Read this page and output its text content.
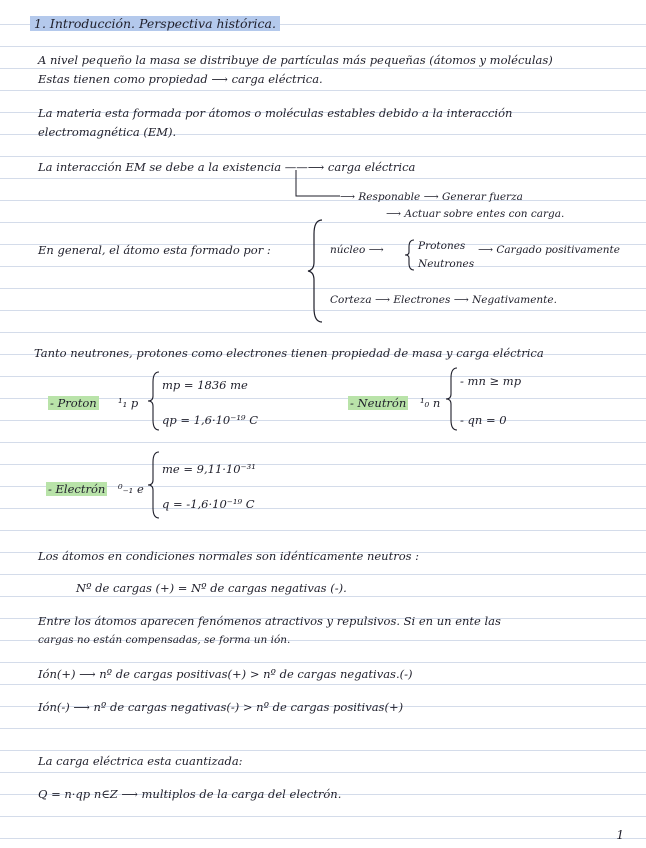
1. Introducción. Perspectiva histórica.
A nivel pequeño la masa se distribuye de partículas más pequeñas (átomos y moléculas)
Estas tienen como propiedad ⟶ carga eléctrica.
La materia esta formada por átomos o moléculas estables debido a la interacción
electromagnética (EM).
La interacción EM se debe a la existencia ——⟶ carga eléctrica
⟶ Responable ⟶ Generar fuerza
⟶ Actuar sobre entes con carga.
En general, el átomo esta formado por :	núcleo ⟶	Protones
Neutrones
⟶ Cargado positivamente
Corteza ⟶ Electrones ⟶ Negativamente.
Tanto neutrones, protones como electrones tienen propiedad de masa y carga eléctrica
- Proton ¹₁ p
mp = 1836 me
qp = 1,6·10⁻¹⁹ C
- Neutrón ¹₀ n
- mn ≥ mp
- qn = 0
- Electrón ⁰₋₁ e
me = 9,11·10⁻³¹
q = -1,6·10⁻¹⁹ C
Los átomos en condiciones normales son idénticamente neutros :
Nº de cargas (+) = Nº de cargas negativas (-).
Entre los átomos aparecen fenómenos atractivos y repulsivos. Si en un ente las
cargas no están compensadas, se forma un ión.
Ión(+) ⟶ nº de cargas positivas(+) > nº de cargas negativas.(-)
Ión(-) ⟶ nº de cargas negativas(-) > nº de cargas positivas(+)
La carga eléctrica esta cuantizada:
Q = n·qp n∈Z ⟶ multiplos de la carga del electrón.
1
